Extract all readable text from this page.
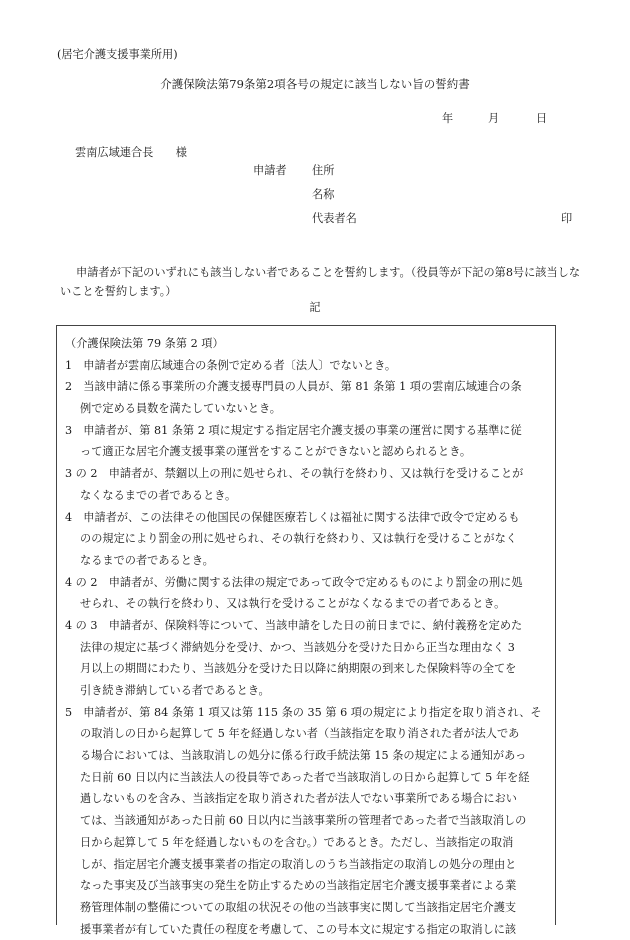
(居宅介護支援事業所用)
介護保険法第79条第2項各号の規定に該当しない旨の誓約書
年	月	日
雲南広域連合長　　様
申請者 住所
名称
代表者名	印
申請者が下記のいずれにも該当しない者であることを誓約します。（役員等が下記の第8号に該当しないことを誓約します。）
記
（介護保険法第 79 条第 2 項）
1　申請者が雲南広域連合の条例で定める者〔法人〕でないとき。
2　当該申請に係る事業所の介護支援専門員の人員が、第 81 条第 1 項の雲南広域連合の条
例で定める員数を満たしていないとき。
3　申請者が、第 81 条第 2 項に規定する指定居宅介護支援の事業の運営に関する基準に従
って適正な居宅介護支援事業の運営をすることができないと認められるとき。
3 の 2　申請者が、禁錮以上の刑に処せられ、その執行を終わり、又は執行を受けることが
なくなるまでの者であるとき。
4　申請者が、この法律その他国民の保健医療若しくは福祉に関する法律で政令で定めるも
のの規定により罰金の刑に処せられ、その執行を終わり、又は執行を受けることがなく
なるまでの者であるとき。
4 の 2　申請者が、労働に関する法律の規定であって政令で定めるものにより罰金の刑に処
せられ、その執行を終わり、又は執行を受けることがなくなるまでの者であるとき。
4 の 3　申請者が、保険料等について、当該申請をした日の前日までに、納付義務を定めた
法律の規定に基づく滞納処分を受け、かつ、当該処分を受けた日から正当な理由なく 3
月以上の期間にわたり、当該処分を受けた日以降に納期限の到来した保険料等の全てを
引き続き滞納している者であるとき。
5　申請者が、第 84 条第 1 項又は第 115 条の 35 第 6 項の規定により指定を取り消され、そ
の取消しの日から起算して 5 年を経過しない者（当該指定を取り消された者が法人であ
る場合においては、当該取消しの処分に係る行政手続法第 15 条の規定による通知があっ
た日前 60 日以内に当該法人の役員等であった者で当該取消しの日から起算して 5 年を経
過しないものを含み、当該指定を取り消された者が法人でない事業所である場合におい
ては、当該通知があった日前 60 日以内に当該事業所の管理者であった者で当該取消しの
日から起算して 5 年を経過しないものを含む。）であるとき。ただし、当該指定の取消
しが、指定居宅介護支援事業者の指定の取消しのうち当該指定の取消しの処分の理由と
なった事実及び当該事実の発生を防止するための当該指定居宅介護支援事業者による業
務管理体制の整備についての取組の状況その他の当該事実に関して当該指定居宅介護支
援事業者が有していた責任の程度を考慮して、この号本文に規定する指定の取消しに該
